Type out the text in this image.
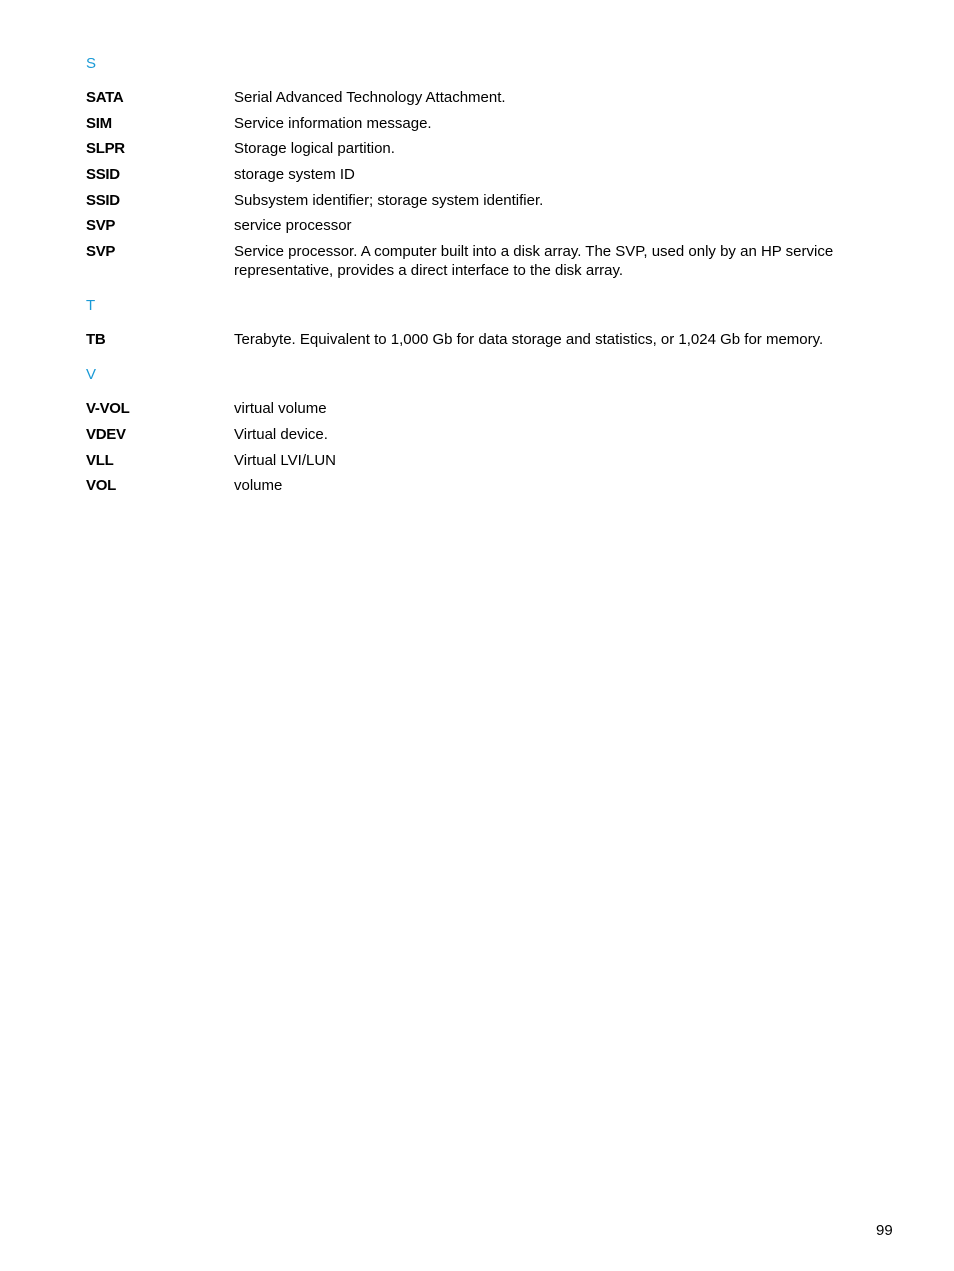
S
SATA	Serial Advanced Technology Attachment.
SIM	Service information message.
SLPR	Storage logical partition.
SSID	storage system ID
SSID	Subsystem identifier; storage system identifier.
SVP	service processor
SVP	Service processor. A computer built into a disk array. The SVP, used only by an HP service representative, provides a direct interface to the disk array.
T
TB	Terabyte. Equivalent to 1,000 Gb for data storage and statistics, or 1,024 Gb for memory.
V
V-VOL	virtual volume
VDEV	Virtual device.
VLL	Virtual LVI/LUN
VOL	volume
99
